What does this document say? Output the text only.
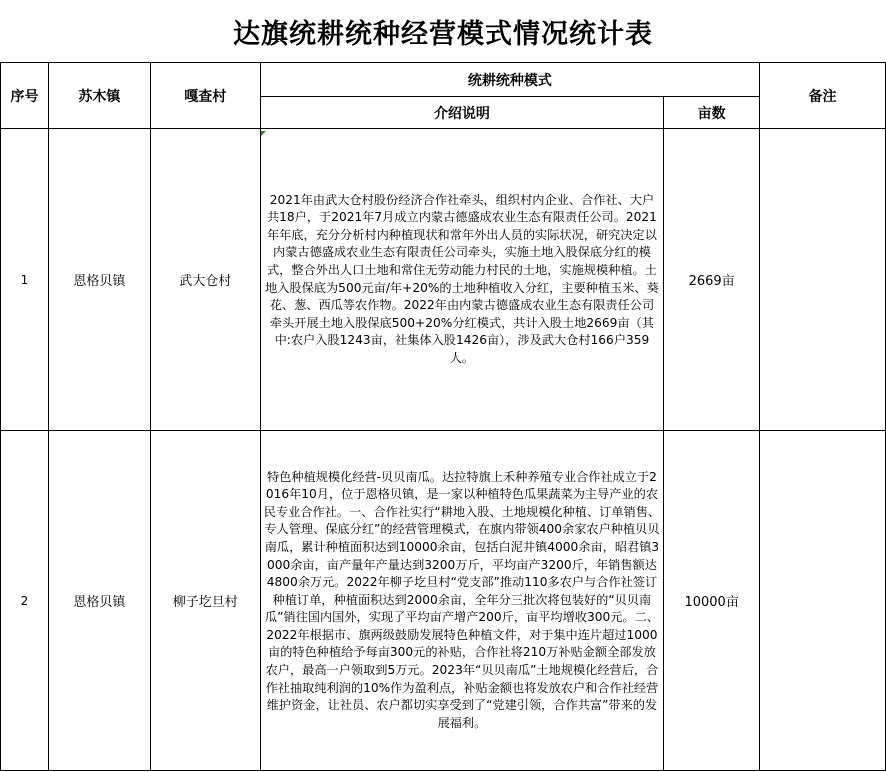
达旗统耕统种经营模式情况统计表
序号	苏木镇	嘎查村	统耕统种模式		备注
			介绍说明	亩数	
1	恩格贝镇	武大仓村	2021年由武大仓村股份经济合作社牵头，组织村内企业、合作社、大户共18户，于2021年7月成立内蒙古德盛成农业生态有限责任公司。2021年年底，充分分析村内种植现状和常年外出人员的实际状况，研究决定以内蒙古德盛成农业生态有限责任公司牵头，实施土地入股保底分红的模式，整合外出人口土地和常住无劳动能力村民的土地，实施规模种植。土地入股保底为500元亩/年+20%的土地种植收入分红，主要种植玉米、葵花、葱、西瓜等农作物。2022年由内蒙古德盛成农业生态有限责任公司牵头开展土地入股保底500+20%分红模式，共计入股土地2669亩（其中:农户入股1243亩，社集体入股1426亩），涉及武大仓村166户359人。	2669亩	
2	恩格贝镇	柳子圪旦村	特色种植规模化经营-贝贝南瓜。达拉特旗上禾种养殖专业合作社成立于2016年10月，位于恩格贝镇，是一家以种植特色瓜果蔬菜为主导产业的农民专业合作社。一、合作社实行“耕地入股、土地规模化种植、订单销售、专人管理、保底分红”的经营管理模式，在旗内带领400余家农户种植贝贝南瓜，累计种植面积达到10000余亩，包括白泥井镇4000余亩，昭君镇3000余亩，亩产量年产量达到3200万斤，平均亩产3200斤，年销售额达4800余万元。2022年柳子圪旦村“党支部”推动110多农户与合作社签订种植订单，种植面积达到2000余亩，全年分三批次将包装好的“贝贝南瓜”销往国内国外，实现了平均亩产增产200斤，亩平均增收300元。二、2022年根据市、旗两级鼓励发展特色种植文件，对于集中连片超过1000亩的特色种植给予每亩300元的补贴，合作社将210万补贴金额全部发放农户，最高一户领取到5万元。2023年“贝贝南瓜”土地规模化经营后，合作社抽取纯利润的10%作为盈利点，补贴金额也将发放农户和合作社经营维护资金，让社员、农户都切实享受到了“党建引领，合作共富”带来的发展福利。	10000亩	
